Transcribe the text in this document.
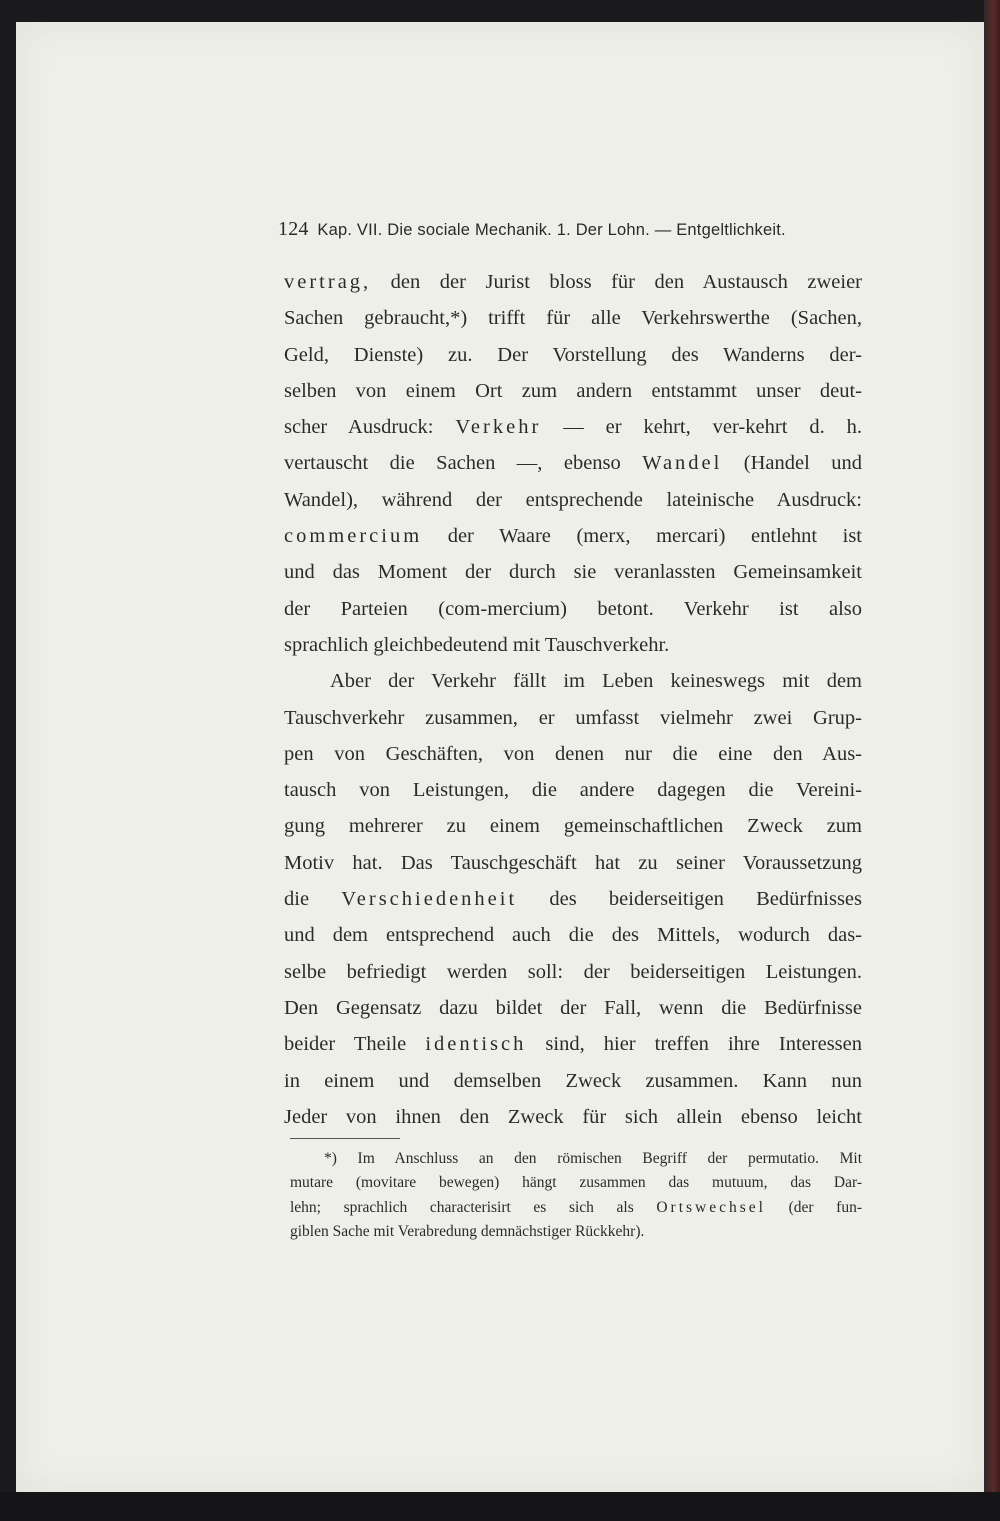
124 Kap. VII. Die sociale Mechanik. 1. Der Lohn. — Entgeltlichkeit.
vertrag, den der Jurist bloss für den Austausch zweier
Sachen gebraucht,*) trifft für alle Verkehrswerthe (Sachen,
Geld, Dienste) zu. Der Vorstellung des Wanderns der-
selben von einem Ort zum andern entstammt unser deut-
scher Ausdruck: Verkehr — er kehrt, ver-kehrt d. h.
vertauscht die Sachen —, ebenso Wandel (Handel und
Wandel), während der entsprechende lateinische Ausdruck:
commercium der Waare (merx, mercari) entlehnt ist
und das Moment der durch sie veranlassten Gemeinsamkeit
der Parteien (com-mercium) betont. Verkehr ist also
sprachlich gleichbedeutend mit Tauschverkehr.
Aber der Verkehr fällt im Leben keineswegs mit dem
Tauschverkehr zusammen, er umfasst vielmehr zwei Grup-
pen von Geschäften, von denen nur die eine den Aus-
tausch von Leistungen, die andere dagegen die Vereini-
gung mehrerer zu einem gemeinschaftlichen Zweck zum
Motiv hat. Das Tauschgeschäft hat zu seiner Voraussetzung
die Verschiedenheit des beiderseitigen Bedürfnisses
und dem entsprechend auch die des Mittels, wodurch das-
selbe befriedigt werden soll: der beiderseitigen Leistungen.
Den Gegensatz dazu bildet der Fall, wenn die Bedürfnisse
beider Theile identisch sind, hier treffen ihre Interessen
in einem und demselben Zweck zusammen. Kann nun
Jeder von ihnen den Zweck für sich allein ebenso leicht
*) Im Anschluss an den römischen Begriff der permutatio. Mit
mutare (movitare bewegen) hängt zusammen das mutuum, das Dar-
lehn; sprachlich characterisirt es sich als Ortswechsel (der fun-
giblen Sache mit Verabredung demnächstiger Rückkehr).
